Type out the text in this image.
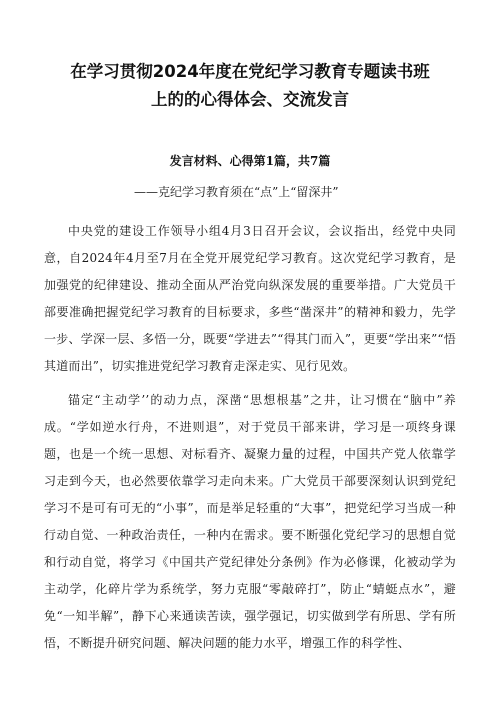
在学习贯彻2024年度在党纪学习教育专题读书班
上的的心得体会、交流发言
发言材料、心得第1篇，共7篇
——克纪学习教育须在“点”上“留深井”

中央党的建设工作领导小组4月3日召开会议，会议指出，经党中央同意，自2024年4月至7月在全党开展党纪学习教育。这次党纪学习教育，是加强党的纪律建设、推动全面从严治党向纵深发展的重要举措。广大党员干部要准确把握党纪学习教育的目标要求，多些“凿深井”的精神和毅力，先学一步、学深一层、多悟一分，既要“学进去”“得其门而入”，更要“学出来”“悟其道而出”，切实推进党纪学习教育走深走实、见行见效。

锚定“主动学’’的动力点，深凿“思想根基”之井，让习惯在“脑中”养成。“学如逆水行舟，不进则退”，对于党员干部来讲，学习是一项终身课题，也是一个统一思想、对标看齐、凝聚力量的过程，中国共产党人依靠学习走到今天，也必然要依靠学习走向未来。广大党员干部要深刻认识到党纪学习不是可有可无的“小事”，而是举足轻重的“大事”，把党纪学习当成一种行动自觉、一种政治责任，一种内在需求。要不断强化党纪学习的思想自觉和行动自觉，将学习《中国共产党纪律处分条例》作为必修课，化被动学为主动学，化碎片学为系统学，努力克服“零敲碎打”，防止“蜻蜓点水”，避免“一知半解”，静下心来通读苦读，强学强记，切实做到学有所思、学有所悟，不断提升研究问题、解决问题的能力水平，增强工作的科学性、
